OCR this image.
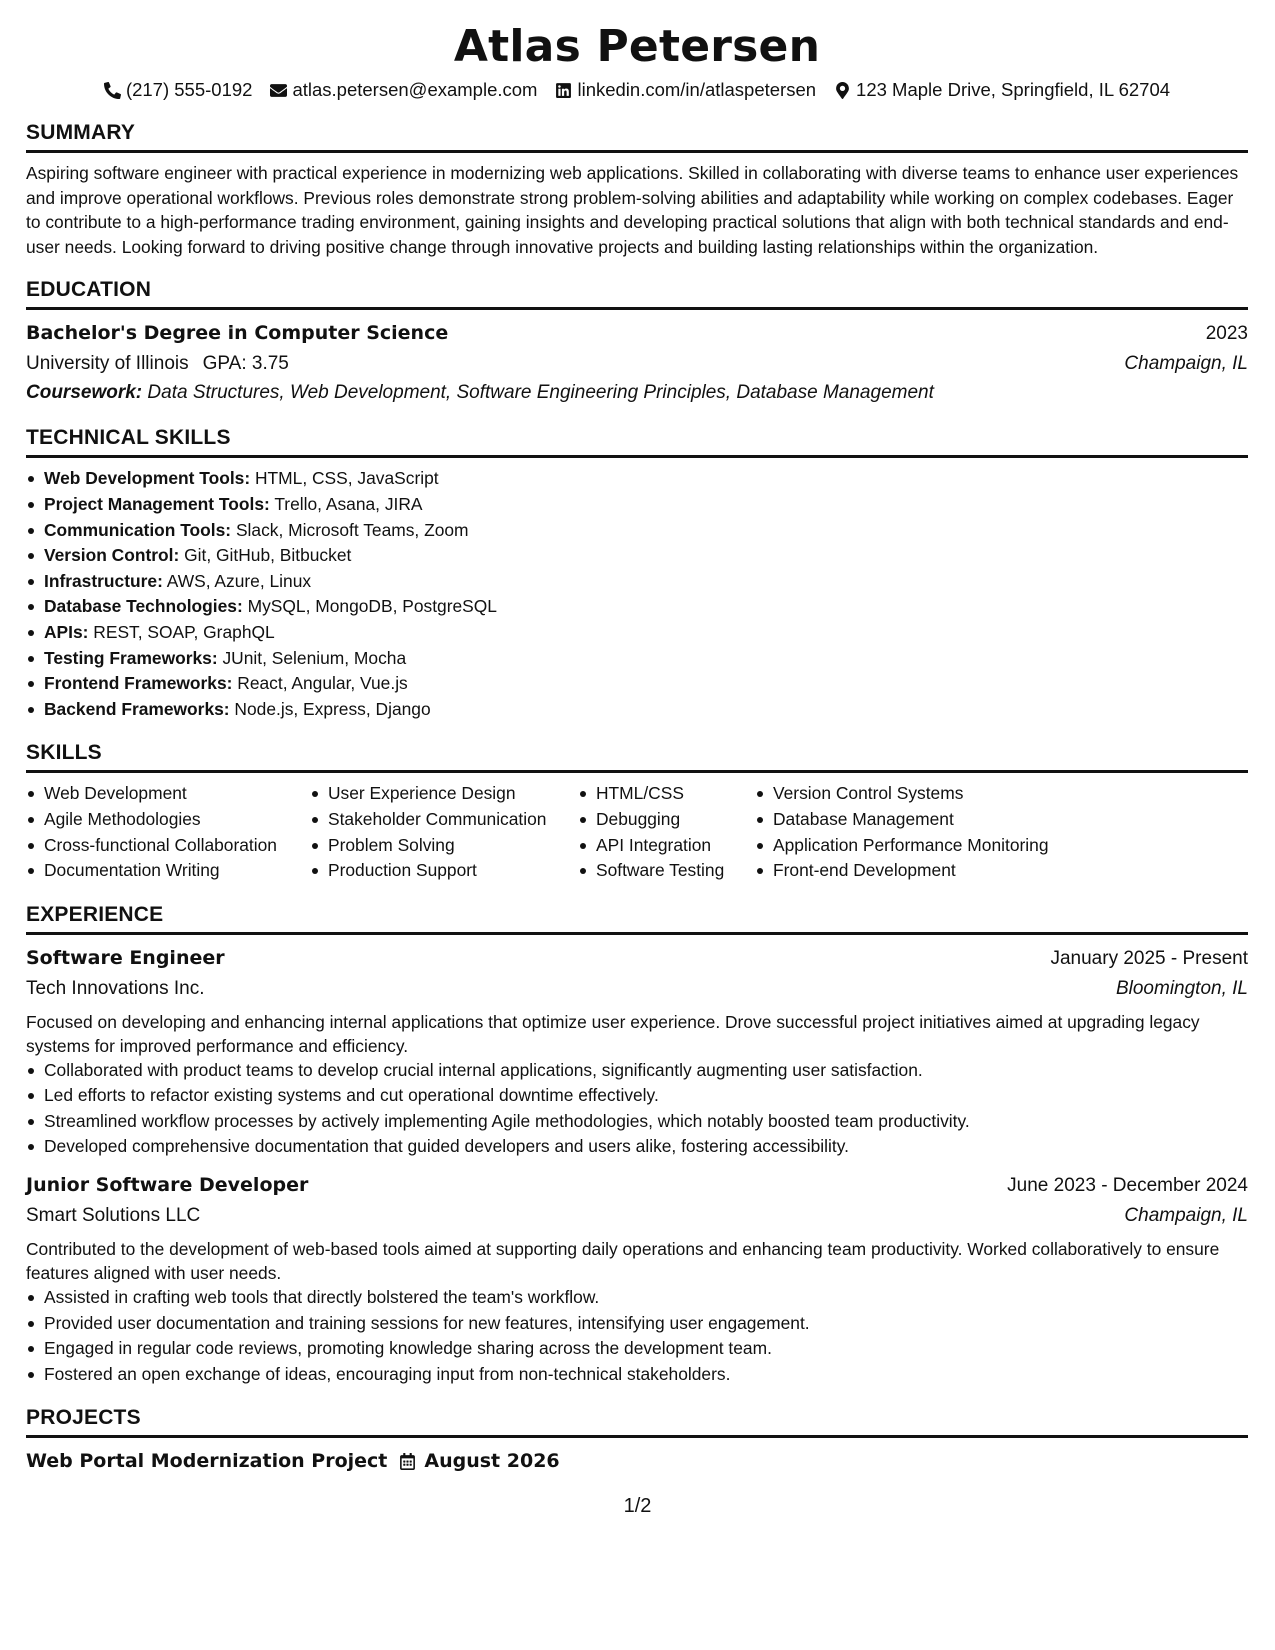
Atlas Petersen
(217) 555-0192 atlas.petersen@example.com linkedin.com/in/atlaspetersen 123 Maple Drive, Springfield, IL 62704
SUMMARY
Aspiring software engineer with practical experience in modernizing web applications. Skilled in collaborating with diverse teams to enhance user experiences and improve operational workflows. Previous roles demonstrate strong problem-solving abilities and adaptability while working on complex codebases. Eager to contribute to a high-performance trading environment, gaining insights and developing practical solutions that align with both technical standards and end-user needs. Looking forward to driving positive change through innovative projects and building lasting relationships within the organization.
EDUCATION
Bachelor's Degree in Computer Science	2023
University of Illinois GPA: 3.75	Champaign, IL
Coursework: Data Structures, Web Development, Software Engineering Principles, Database Management
TECHNICAL SKILLS
Web Development Tools: HTML, CSS, JavaScript
Project Management Tools: Trello, Asana, JIRA
Communication Tools: Slack, Microsoft Teams, Zoom
Version Control: Git, GitHub, Bitbucket
Infrastructure: AWS, Azure, Linux
Database Technologies: MySQL, MongoDB, PostgreSQL
APIs: REST, SOAP, GraphQL
Testing Frameworks: JUnit, Selenium, Mocha
Frontend Frameworks: React, Angular, Vue.js
Backend Frameworks: Node.js, Express, Django
SKILLS
Web Development
Agile Methodologies
Cross-functional Collaboration
Documentation Writing
User Experience Design
Stakeholder Communication
Problem Solving
Production Support
HTML/CSS
Debugging
API Integration
Software Testing
Version Control Systems
Database Management
Application Performance Monitoring
Front-end Development
EXPERIENCE
Software Engineer	January 2025 - Present
Tech Innovations Inc.	Bloomington, IL
Focused on developing and enhancing internal applications that optimize user experience. Drove successful project initiatives aimed at upgrading legacy systems for improved performance and efficiency.
Collaborated with product teams to develop crucial internal applications, significantly augmenting user satisfaction.
Led efforts to refactor existing systems and cut operational downtime effectively.
Streamlined workflow processes by actively implementing Agile methodologies, which notably boosted team productivity.
Developed comprehensive documentation that guided developers and users alike, fostering accessibility.
Junior Software Developer	June 2023 - December 2024
Smart Solutions LLC	Champaign, IL
Contributed to the development of web-based tools aimed at supporting daily operations and enhancing team productivity. Worked collaboratively to ensure features aligned with user needs.
Assisted in crafting web tools that directly bolstered the team's workflow.
Provided user documentation and training sessions for new features, intensifying user engagement.
Engaged in regular code reviews, promoting knowledge sharing across the development team.
Fostered an open exchange of ideas, encouraging input from non-technical stakeholders.
PROJECTS
Web Portal Modernization Project August 2026
1/2
